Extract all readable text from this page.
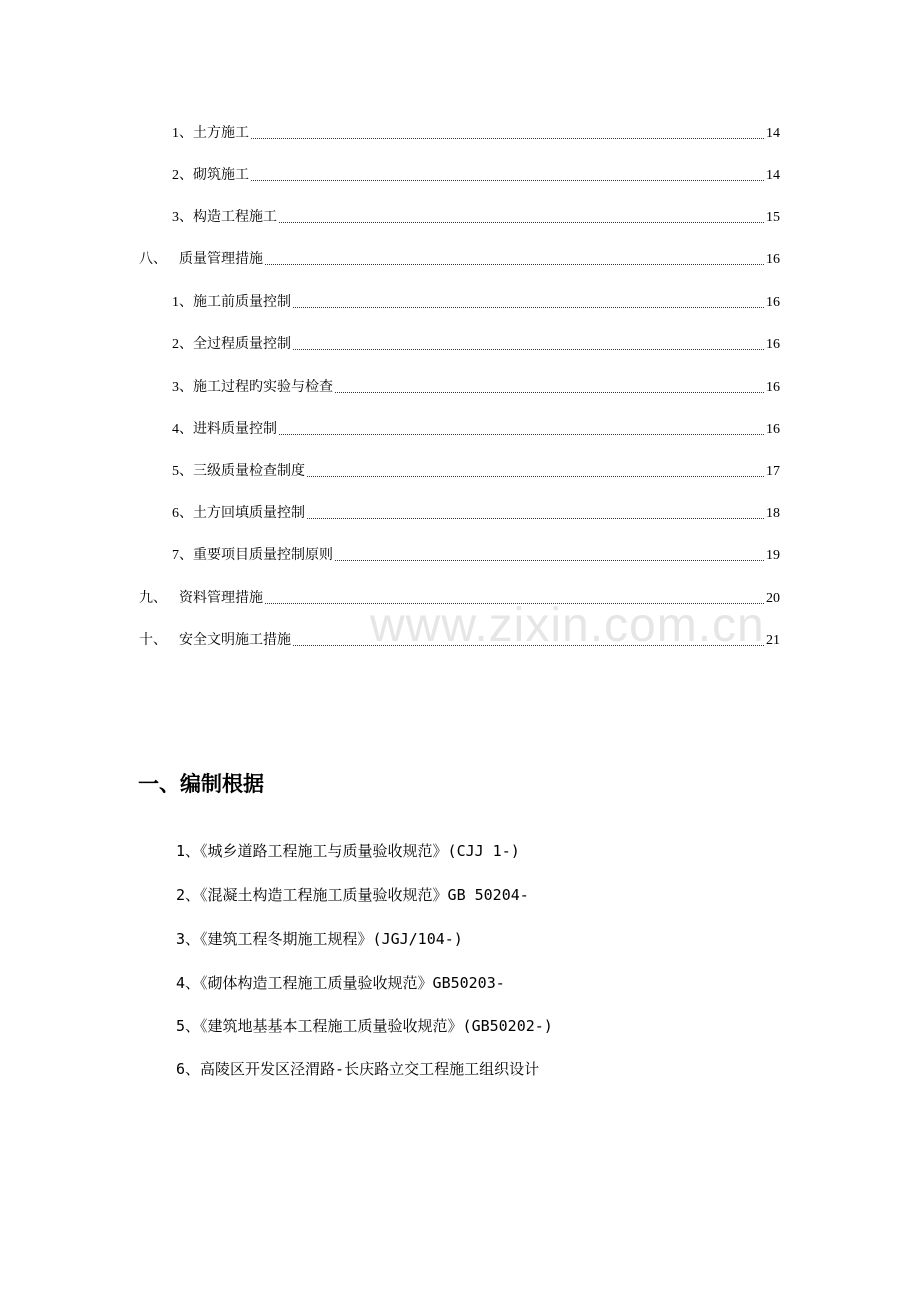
www.zixin.com.cn
1、 土方施工	14
2、 砌筑施工	14
3、 构造工程施工	15
八、 质量管理措施	16
1、 施工前质量控制	16
2、 全过程质量控制	16
3、 施工过程旳实验与检查	16
4、 进料质量控制	16
5、 三级质量检查制度	17
6、 土方回填质量控制	18
7、 重要项目质量控制原则	19
九、 资料管理措施	20
十、 安全文明施工措施	21
一、编制根据
1、《城乡道路工程施工与质量验收规范》(CJJ 1-)
2、《混凝土构造工程施工质量验收规范》GB 50204-
3、《建筑工程冬期施工规程》(JGJ/104-)
4、《砌体构造工程施工质量验收规范》GB50203-
5、《建筑地基基本工程施工质量验收规范》(GB50202-)
6、高陵区开发区泾渭路-长庆路立交工程施工组织设计
